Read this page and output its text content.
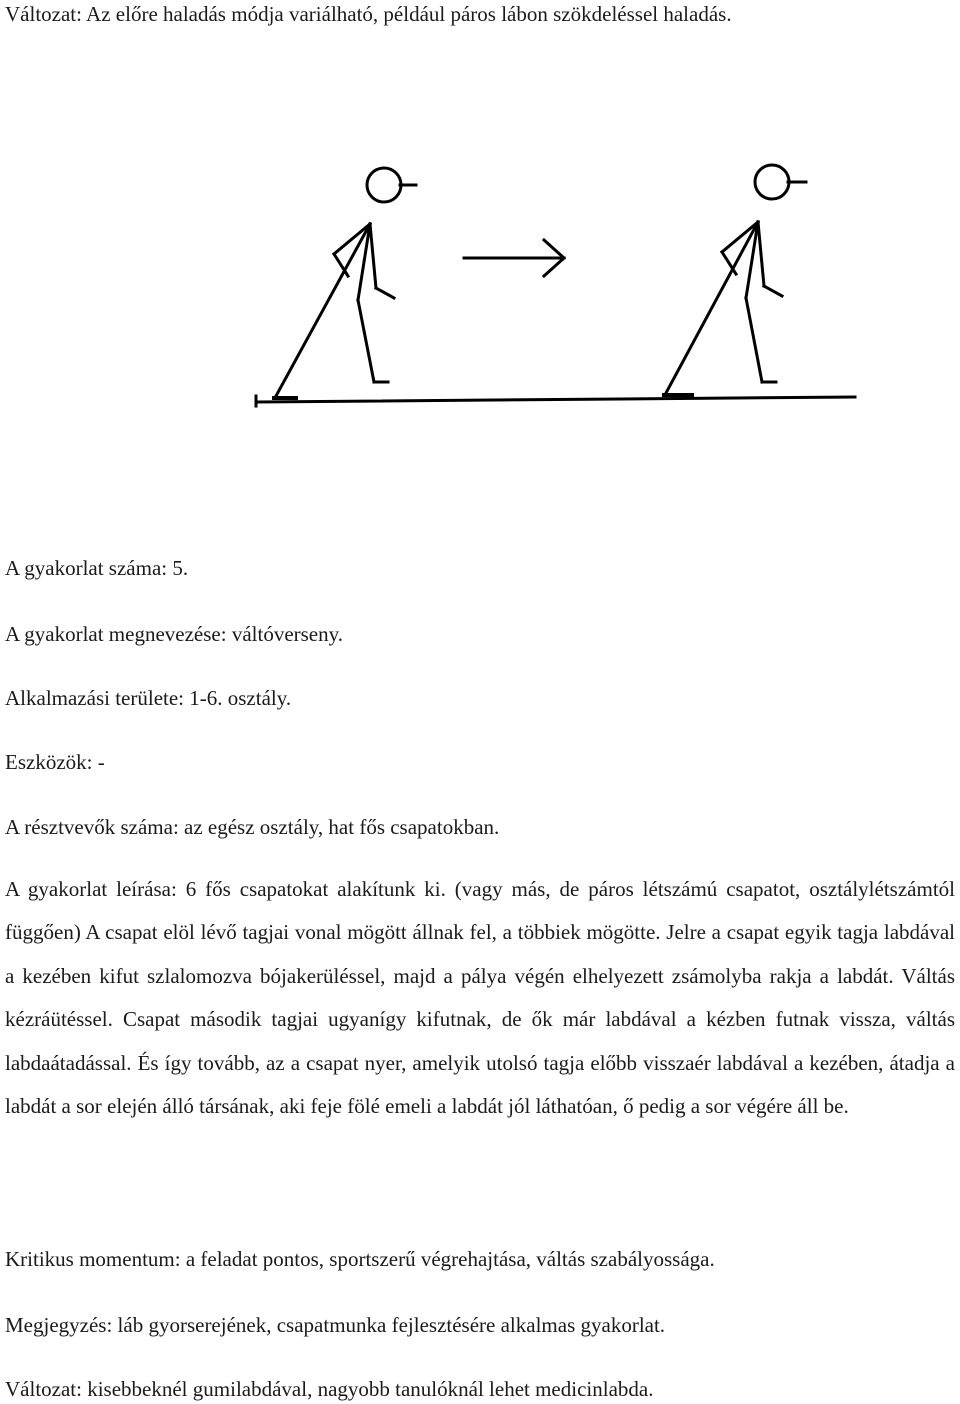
Változat: Az előre haladás módja variálható, például páros lábon szökdeléssel haladás.
A gyakorlat száma: 5.
A gyakorlat megnevezése: váltóverseny.
Alkalmazási területe: 1-6. osztály.
Eszközök: -
A résztvevők száma: az egész osztály, hat fős csapatokban.
A gyakorlat leírása: 6 fős csapatokat alakítunk ki. (vagy más, de páros létszámú csapatot, osztálylétszámtól függően) A csapat elöl lévő tagjai vonal mögött állnak fel, a többiek mögötte. Jelre a csapat egyik tagja labdával a kezében kifut szlalomozva bójakerüléssel, majd a pálya végén elhelyezett zsámolyba rakja a labdát. Váltás kézráütéssel. Csapat második tagjai ugyanígy kifutnak, de ők már labdával a kézben futnak vissza, váltás labdaátadással. És így tovább, az a csapat nyer, amelyik utolsó tagja előbb visszaér labdával a kezében, átadja a labdát a sor elején álló társának, aki feje fölé emeli a labdát jól láthatóan, ő pedig a sor végére áll be.
Kritikus momentum: a feladat pontos, sportszerű végrehajtása, váltás szabályossága.
Megjegyzés: láb gyorserejének, csapatmunka fejlesztésére alkalmas gyakorlat.
Változat: kisebbeknél gumilabdával, nagyobb tanulóknál lehet medicinlabda.
